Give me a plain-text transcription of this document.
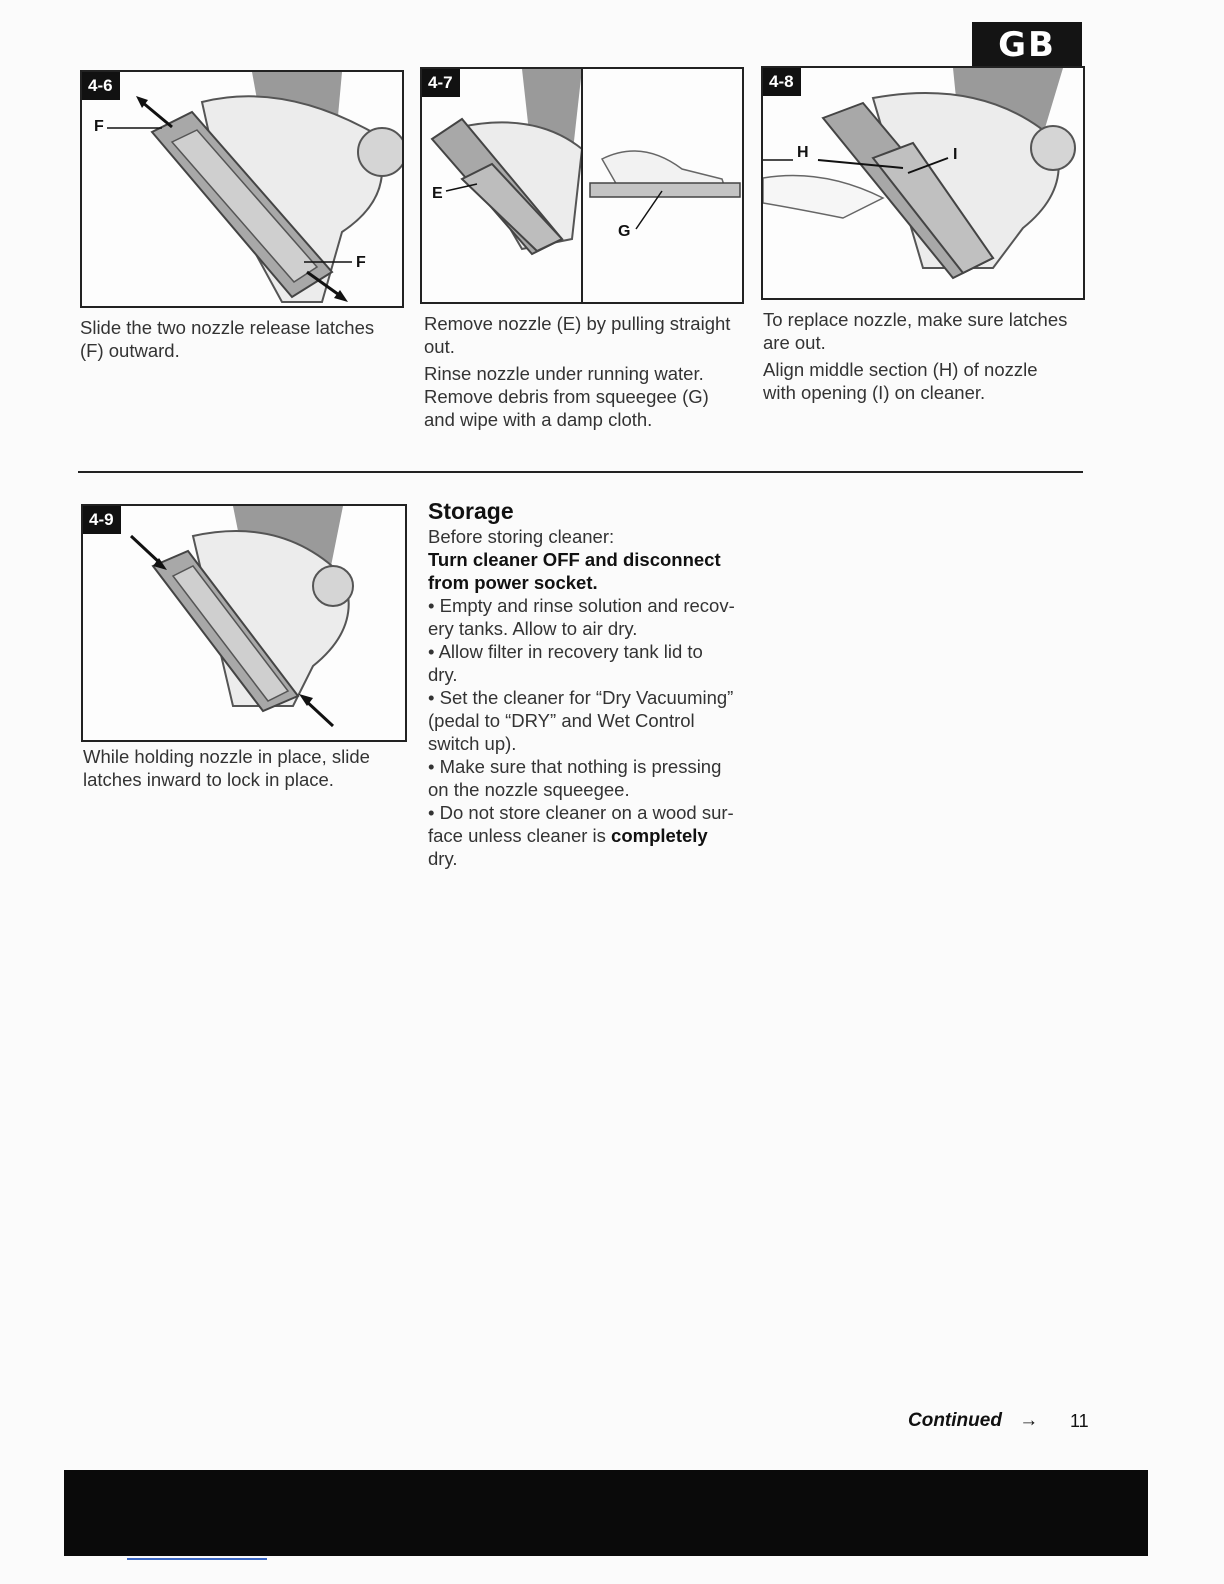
GB
4-6
F
F
4-7
E
G
4-8
H	I

Slide the two nozzle release latches
(F) outward.

Remove nozzle (E) by pulling straight
out.

Rinse nozzle under running water.
Remove debris from squeegee (G)
and wipe with a damp cloth.

To replace nozzle, make sure latches
are out.

Align middle section (H) of nozzle
with opening (I) on cleaner.

4-9

While holding nozzle in place, slide
latches inward to lock in place.

Storage

Before storing cleaner:

Turn cleaner OFF and disconnect
from power socket.

• Empty and rinse solution and recov-
ery tanks. Allow to air dry.

• Allow filter in recovery tank lid to
dry.

• Set the cleaner for “Dry Vacuuming”
(pedal to “DRY” and Wet Control
switch up).

• Make sure that nothing is pressing
on the nozzle squeegee.

• Do not store cleaner on a wood sur-
face unless cleaner is completely
dry.

Continued → 11
